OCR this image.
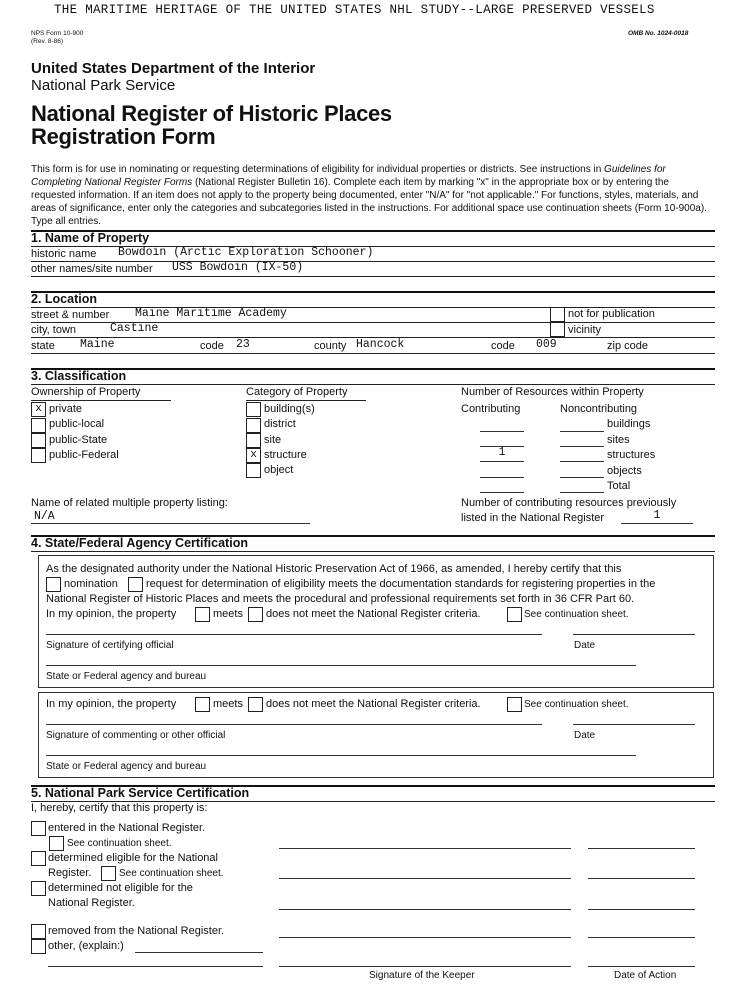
THE MARITIME HERITAGE OF THE UNITED STATES NHL STUDY--LARGE PRESERVED VESSELS
NPS Form 10-900
(Rev. 8-86)
OMB No. 1024-0018
United States Department of the Interior
National Park Service
National Register of Historic Places
Registration Form
This form is for use in nominating or requesting determinations of eligibility for individual properties or districts. See instructions in Guidelines for Completing National Register Forms (National Register Bulletin 16). Complete each item by marking "x" in the appropriate box or by entering the requested information. If an item does not apply to the property being documented, enter "N/A" for "not applicable." For functions, styles, materials, and areas of significance, enter only the categories and subcategories listed in the instructions. For additional space use continuation sheets (Form 10-900a). Type all entries.
1. Name of Property
historic name Bowdoin (Arctic Exploration Schooner)
other names/site number USS Bowdoin (IX-50)
2. Location
street & number Maine Maritime Academy	not for publication
city, town	Castine	vicinity
state Maine	code 23	county Hancock	code 009	zip code
3. Classification
Ownership of Property
x private
public-local
public-State
public-Federal
Category of Property
building(s)
district
site
x structure
object
Number of Resources within Property
Contributing	Noncontributing
buildings
sites
1	structures
objects
Total
Name of related multiple property listing:
N/A
Number of contributing resources previously
listed in the National Register	1
4. State/Federal Agency Certification
As the designated authority under the National Historic Preservation Act of 1966, as amended, I hereby certify that this
nomination	request for determination of eligibility meets the documentation standards for registering properties in the
National Register of Historic Places and meets the procedural and professional requirements set forth in 36 CFR Part 60.
In my opinion, the property	meets does not meet the National Register criteria.	See continuation sheet.
Signature of certifying official	Date
State or Federal agency and bureau
In my opinion, the property	meets does not meet the National Register criteria.	See continuation sheet.
Signature of commenting or other official	Date
State or Federal agency and bureau
5. National Park Service Certification
I, hereby, certify that this property is:
entered in the National Register.
See continuation sheet.
determined eligible for the National
Register.	See continuation sheet.
determined not eligible for the
National Register.
removed from the National Register.
other, (explain:)
Signature of the Keeper	Date of Action
